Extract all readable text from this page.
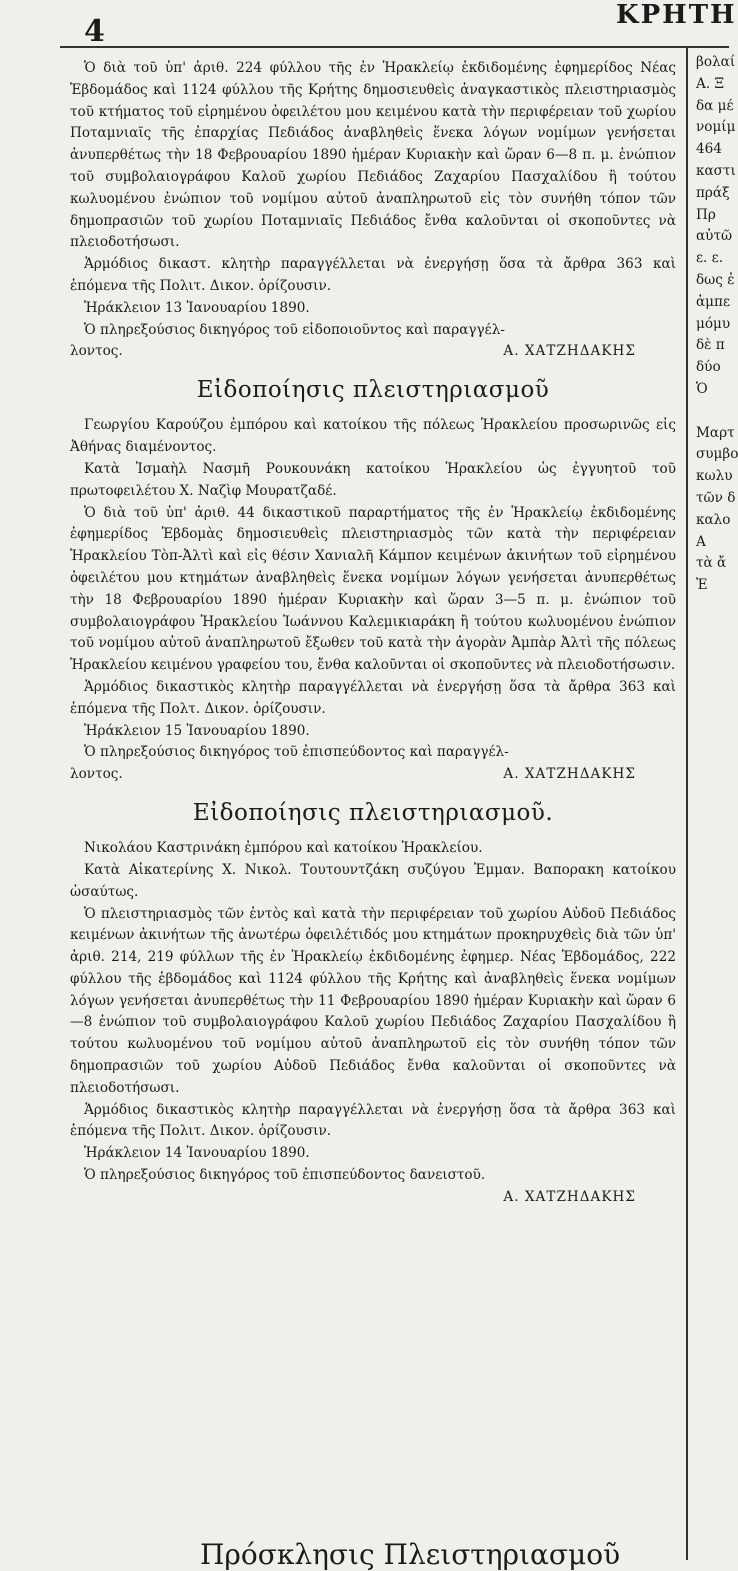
4	ΚΡΗΤΗ

Ὁ διὰ τοῦ ὑπ' ἀριθ. 224 φύλλου τῆς ἐν Ἡρακλείῳ ἐκδιδομένης ἐφημερίδος Νέας Ἑβδομάδος καὶ 1124 φύλλου τῆς Κρήτης δημοσιευθεὶς ἀναγκαστικὸς πλειστηριασμὸς τοῦ κτήματος τοῦ εἰρημένου ὀφειλέτου μου κειμένου κατὰ τὴν περιφέρειαν τοῦ χωρίου Ποταμνιαῖς τῆς ἐπαρχίας Πεδιάδος ἀναβληθεὶς ἕνεκα λόγων νομίμων γενήσεται ἀνυπερθέτως τὴν 18 Φεβρουαρίου 1890 ἡμέραν Κυριακὴν καὶ ὥραν 6—8 π. μ. ἐνώπιον τοῦ συμβολαιογράφου Καλοῦ χωρίου Πεδιάδος Ζαχαρίου Πασχαλίδου ἢ τούτου κωλυομένου ἐνώπιον τοῦ νομίμου αὐτοῦ ἀναπληρωτοῦ εἰς τὸν συνήθη τόπον τῶν δημοπρασιῶν τοῦ χωρίου Ποταμνιαῖς Πεδιάδος ἔνθα καλοῦνται οἱ σκοποῦντες νὰ πλειοδοτήσωσι.

Ἁρμόδιος δικαστ. κλητὴρ παραγγέλλεται νὰ ἐνεργήσῃ ὅσα τὰ ἄρθρα 363 καὶ ἑπόμενα τῆς Πολιτ. Δικον. ὁρίζουσιν.

Ἡράκλειον 13 Ἰανουαρίου 1890.

Ὁ πληρεξούσιος δικηγόρος τοῦ εἰδοποιοῦντος καὶ παραγγέλ-

λοντος.	Α. ΧΑΤΖΗΔΑΚΗΣ
Εἰδοποίησις πλειστηριασμοῦ

Γεωργίου Καρούζου ἐμπόρου καὶ κατοίκου τῆς πόλεως Ἡρακλείου προσωρινῶς εἰς Ἀθήνας διαμένοντος.

Κατὰ Ἰσμαὴλ Νασμῆ Ρουκουνάκη κατοίκου Ἡρακλείου ὡς ἐγγυητοῦ τοῦ πρωτοφειλέτου Χ. Ναζὶφ Μουρατζαδέ.

Ὁ διὰ τοῦ ὑπ' ἀριθ. 44 δικαστικοῦ παραρτήματος τῆς ἐν Ἡρακλείῳ ἐκδιδομένης ἐφημερίδος Ἑβδομὰς δημοσιευθεὶς πλειστηριασμὸς τῶν κατὰ τὴν περιφέρειαν Ἡρακλείου Τὸπ-Ἀλτὶ καὶ εἰς θέσιν Χανιαλῆ Κάμπον κειμένων ἀκινήτων τοῦ εἰρημένου ὀφειλέτου μου κτημάτων ἀναβληθεὶς ἕνεκα νομίμων λόγων γενήσεται ἀνυπερθέτως τὴν 18 Φεβρουαρίου 1890 ἡμέραν Κυριακὴν καὶ ὥραν 3—5 π. μ. ἐνώπιον τοῦ συμβολαιογράφου Ἡρακλείου Ἰωάννου Καλεμικιαράκη ἢ τούτου κωλυομένου ἐνώπιον τοῦ νομίμου αὐτοῦ ἀναπληρωτοῦ ἔξωθεν τοῦ κατὰ τὴν ἀγορὰν Ἀμπὰρ Ἀλτὶ τῆς πόλεως Ἡρακλείου κειμένου γραφείου του, ἔνθα καλοῦνται οἱ σκοποῦντες νὰ πλειοδοτήσωσιν.

Ἁρμόδιος δικαστικὸς κλητὴρ παραγγέλλεται νὰ ἐνεργήσῃ ὅσα τὰ ἄρθρα 363 καὶ ἑπόμενα τῆς Πολτ. Δικον. ὁρίζουσιν.

Ἡράκλειον 15 Ἰανουαρίου 1890.

Ὁ πληρεξούσιος δικηγόρος τοῦ ἐπισπεύδοντος καὶ παραγγέλ-

λοντος.	Α. ΧΑΤΖΗΔΑΚΗΣ
Εἰδοποίησις πλειστηριασμοῦ.

Νικολάου Καστρινάκη ἐμπόρου καὶ κατοίκου Ἡρακλείου.

Κατὰ Αἰκατερίνης Χ. Νικολ. Τουτουντζάκη συζύγου Ἐμμαν. Βαπορακη κατοίκου ὡσαύτως.

Ὁ πλειστηριασμὸς τῶν ἐντὸς καὶ κατὰ τὴν περιφέρειαν τοῦ χωρίου Αὐδοῦ Πεδιάδος κειμένων ἀκινήτων τῆς ἀνωτέρω ὀφειλέτιδός μου κτημάτων προκηρυχθεὶς διὰ τῶν ὑπ' ἀριθ. 214, 219 φύλλων τῆς ἐν Ἡρακλείῳ ἐκδιδομένης ἐφημερ. Νέας Ἑβδομάδος, 222 φύλλου τῆς ἑβδομάδος καὶ 1124 φύλλου τῆς Κρήτης καὶ ἀναβληθεὶς ἕνεκα νομίμων λόγων γενήσεται ἀνυπερθέτως τὴν 11 Φεβρουαρίου 1890 ἡμέραν Κυριακὴν καὶ ὥραν 6—8 ἐνώπιον τοῦ συμβολαιογράφου Καλοῦ χωρίου Πεδιάδος Ζαχαρίου Πασχαλίδου ἢ τούτου κωλυομένου τοῦ νομίμου αὐτοῦ ἀναπληρωτοῦ εἰς τὸν συνήθη τόπον τῶν δημοπρασιῶν τοῦ χωρίου Αὐδοῦ Πεδιάδος ἔνθα καλοῦνται οἱ σκοποῦντες νὰ πλειοδοτήσωσι.

Ἁρμόδιος δικαστικὸς κλητὴρ παραγγέλλεται νὰ ἐνεργήσῃ ὅσα τὰ ἄρθρα 363 καὶ ἑπόμενα τῆς Πολιτ. Δικον. ὁρίζουσιν.

Ἡράκλειον 14 Ἰανουαρίου 1890.

Ὁ πληρεξούσιος δικηγόρος τοῦ ἐπισπεύδοντος δανειστοῦ.

Α. ΧΑΤΖΗΔΑΚΗΣ
Πρόσκλησις Πλειστηριασμοῦ
βολαί
Α. Ξ
δα μέ
νομίμ
464
καστι
πράξ
Πρ
αὐτῶ
ε. ε.
δως ἐ
ἀμπε
μόμυ
δὲ π
δύο
Ὁ
Μαρτ
συμβο
κωλυ
τῶν δ
καλο
Α
τὰ ἄ
Ἐ
